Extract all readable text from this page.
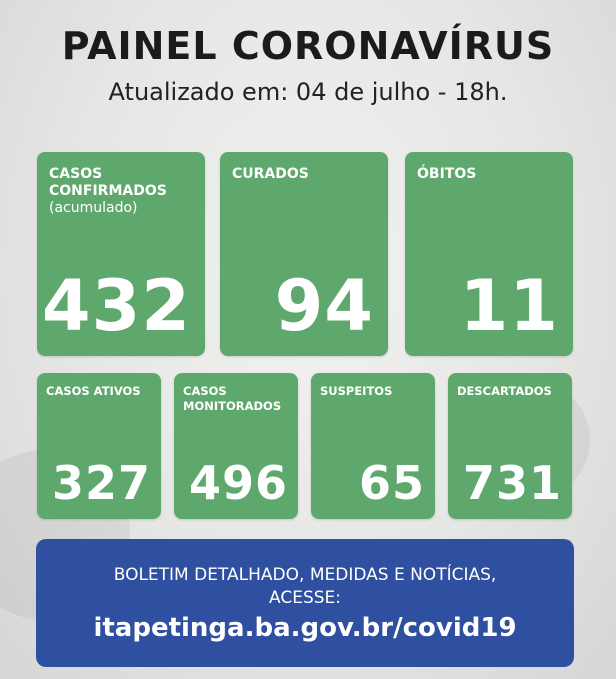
PAINEL CORONAVÍRUS
Atualizado em: 04 de julho - 18h.
CASOS CONFIRMADOS
(acumulado)
432
CURADOS
94
ÓBITOS
11
CASOS ATIVOS
327
CASOS MONITORADOS
496
SUSPEITOS
65
DESCARTADOS
731
BOLETIM DETALHADO, MEDIDAS E NOTÍCIAS,
ACESSE:
itapetinga.ba.gov.br/covid19
